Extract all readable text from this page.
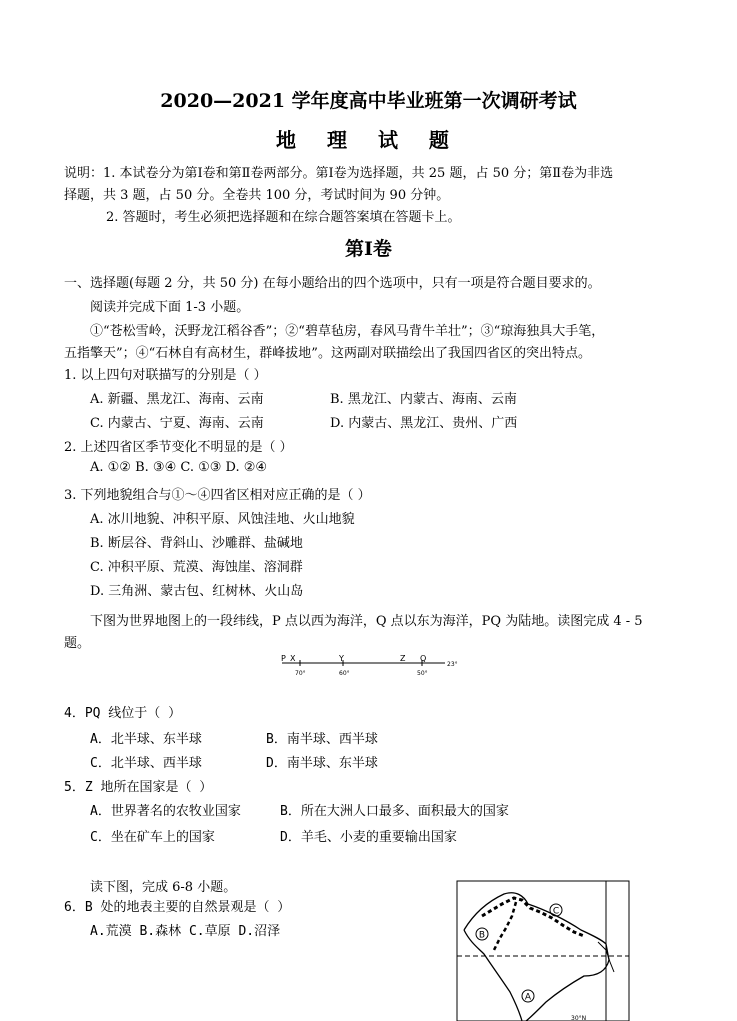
2020—2021 学年度高中毕业班第一次调研考试
地 理 试 题
说明：1. 本试卷分为第Ⅰ卷和第Ⅱ卷两部分。第Ⅰ卷为选择题，共 25 题，占 50 分；第Ⅱ卷为非选
择题，共 3 题，占 50 分。全卷共 100 分，考试时间为 90 分钟。
2. 答题时，考生必须把选择题和在综合题答案填在答题卡上。
第Ⅰ卷
一、选择题(每题 2 分，共 50 分) 在每小题给出的四个选项中，只有一项是符合题目要求的。
阅读并完成下面 1-3 小题。
①“苍松雪岭，沃野龙江稻谷香”；②“碧草毡房，春风马背牛羊壮”；③“琼海独具大手笔，
五指擎天”；④“石林自有高材生，群峰拔地”。这两副对联描绘出了我国四省区的突出特点。
1. 以上四句对联描写的分别是（ ）
A. 新疆、黑龙江、海南、云南	B. 黑龙江、内蒙古、海南、云南
C. 内蒙古、宁夏、海南、云南	D. 内蒙古、黑龙江、贵州、广西
2. 上述四省区季节变化不明显的是（ ）
A. ①② B. ③④ C. ①③ D. ②④
3. 下列地貌组合与①～④四省区相对应正确的是（ ）
A. 冰川地貌、冲积平原、风蚀洼地、火山地貌
B. 断层谷、背斜山、沙雕群、盐碱地
C. 冲积平原、荒漠、海蚀崖、溶洞群
D. 三角洲、蒙古包、红树林、火山岛
下图为世界地图上的一段纬线，P 点以西为海洋，Q 点以东为海洋，PQ 为陆地。读图完成 4 - 5
题。
P X	Y	Z Q
70°	60°	50°
23°
4．PQ 线位于（ ）
A．北半球、东半球	B．南半球、西半球
C．北半球、西半球	D．南半球、东半球
5．Z 地所在国家是（ ）
A．世界著名的农牧业国家	B．所在大洲人口最多、面积最大的国家
C．坐在矿车上的国家	D．羊毛、小麦的重要输出国家
读下图，完成 6-8 小题。
6．B 处的地表主要的自然景观是（ ）
A.荒漠 B.森林 C.草原 D.沼泽	B
C
A
30°N
